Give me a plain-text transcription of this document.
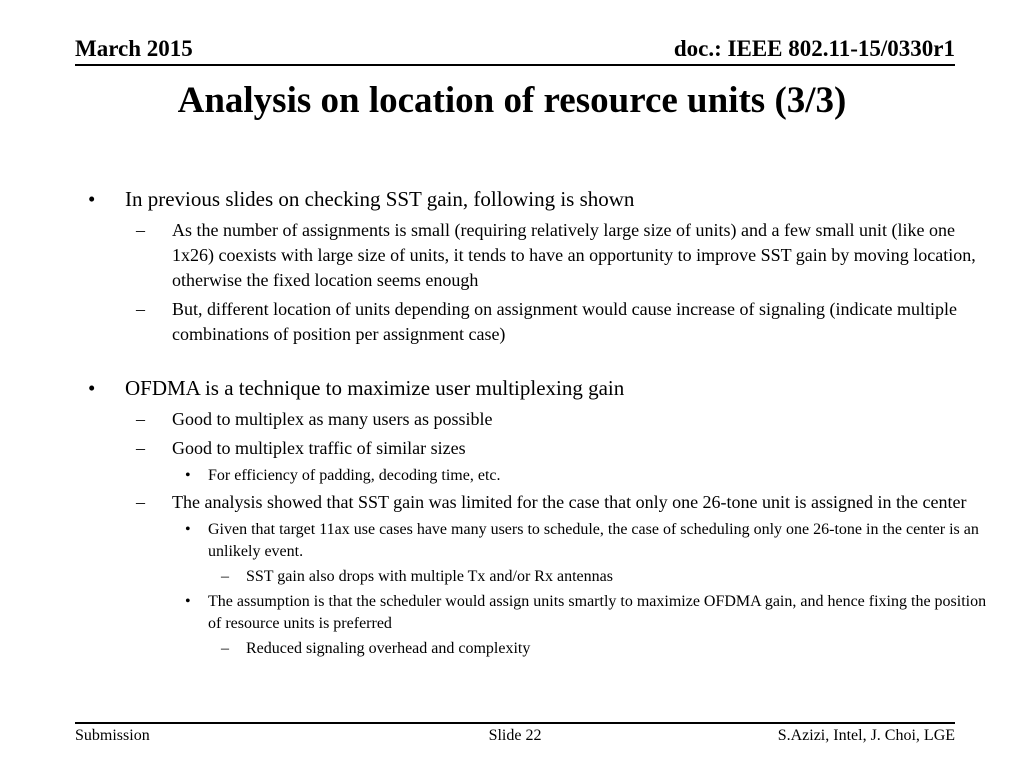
March 2015	doc.: IEEE 802.11-15/0330r1
Analysis on location of resource units (3/3)
•	In previous slides on checking SST gain, following is shown
–	As the number of assignments is small (requiring relatively large size of units) and a few small unit (like one 1x26) coexists with large size of units, it tends to have an opportunity to improve SST gain by moving location, otherwise the fixed location seems enough
–	But, different location of units depending on assignment would cause increase of signaling (indicate multiple combinations of position per assignment case)
•	OFDMA is a technique to maximize user multiplexing gain
–	Good to multiplex as many users as possible
–	Good to multiplex traffic of similar sizes
•	For efficiency of padding, decoding time, etc.
–	The analysis showed that SST gain was limited for the case that only one 26-tone unit is assigned in the center
•	Given that target 11ax use cases have many users to schedule, the case of scheduling only one 26-tone in the center is an unlikely event.
–	SST gain also drops with multiple Tx and/or Rx antennas
•	The assumption is that the scheduler would assign units smartly to maximize OFDMA gain, and hence fixing the position of resource units is preferred
–	Reduced signaling overhead and complexity
Submission	Slide 22	S.Azizi, Intel, J. Choi, LGE
